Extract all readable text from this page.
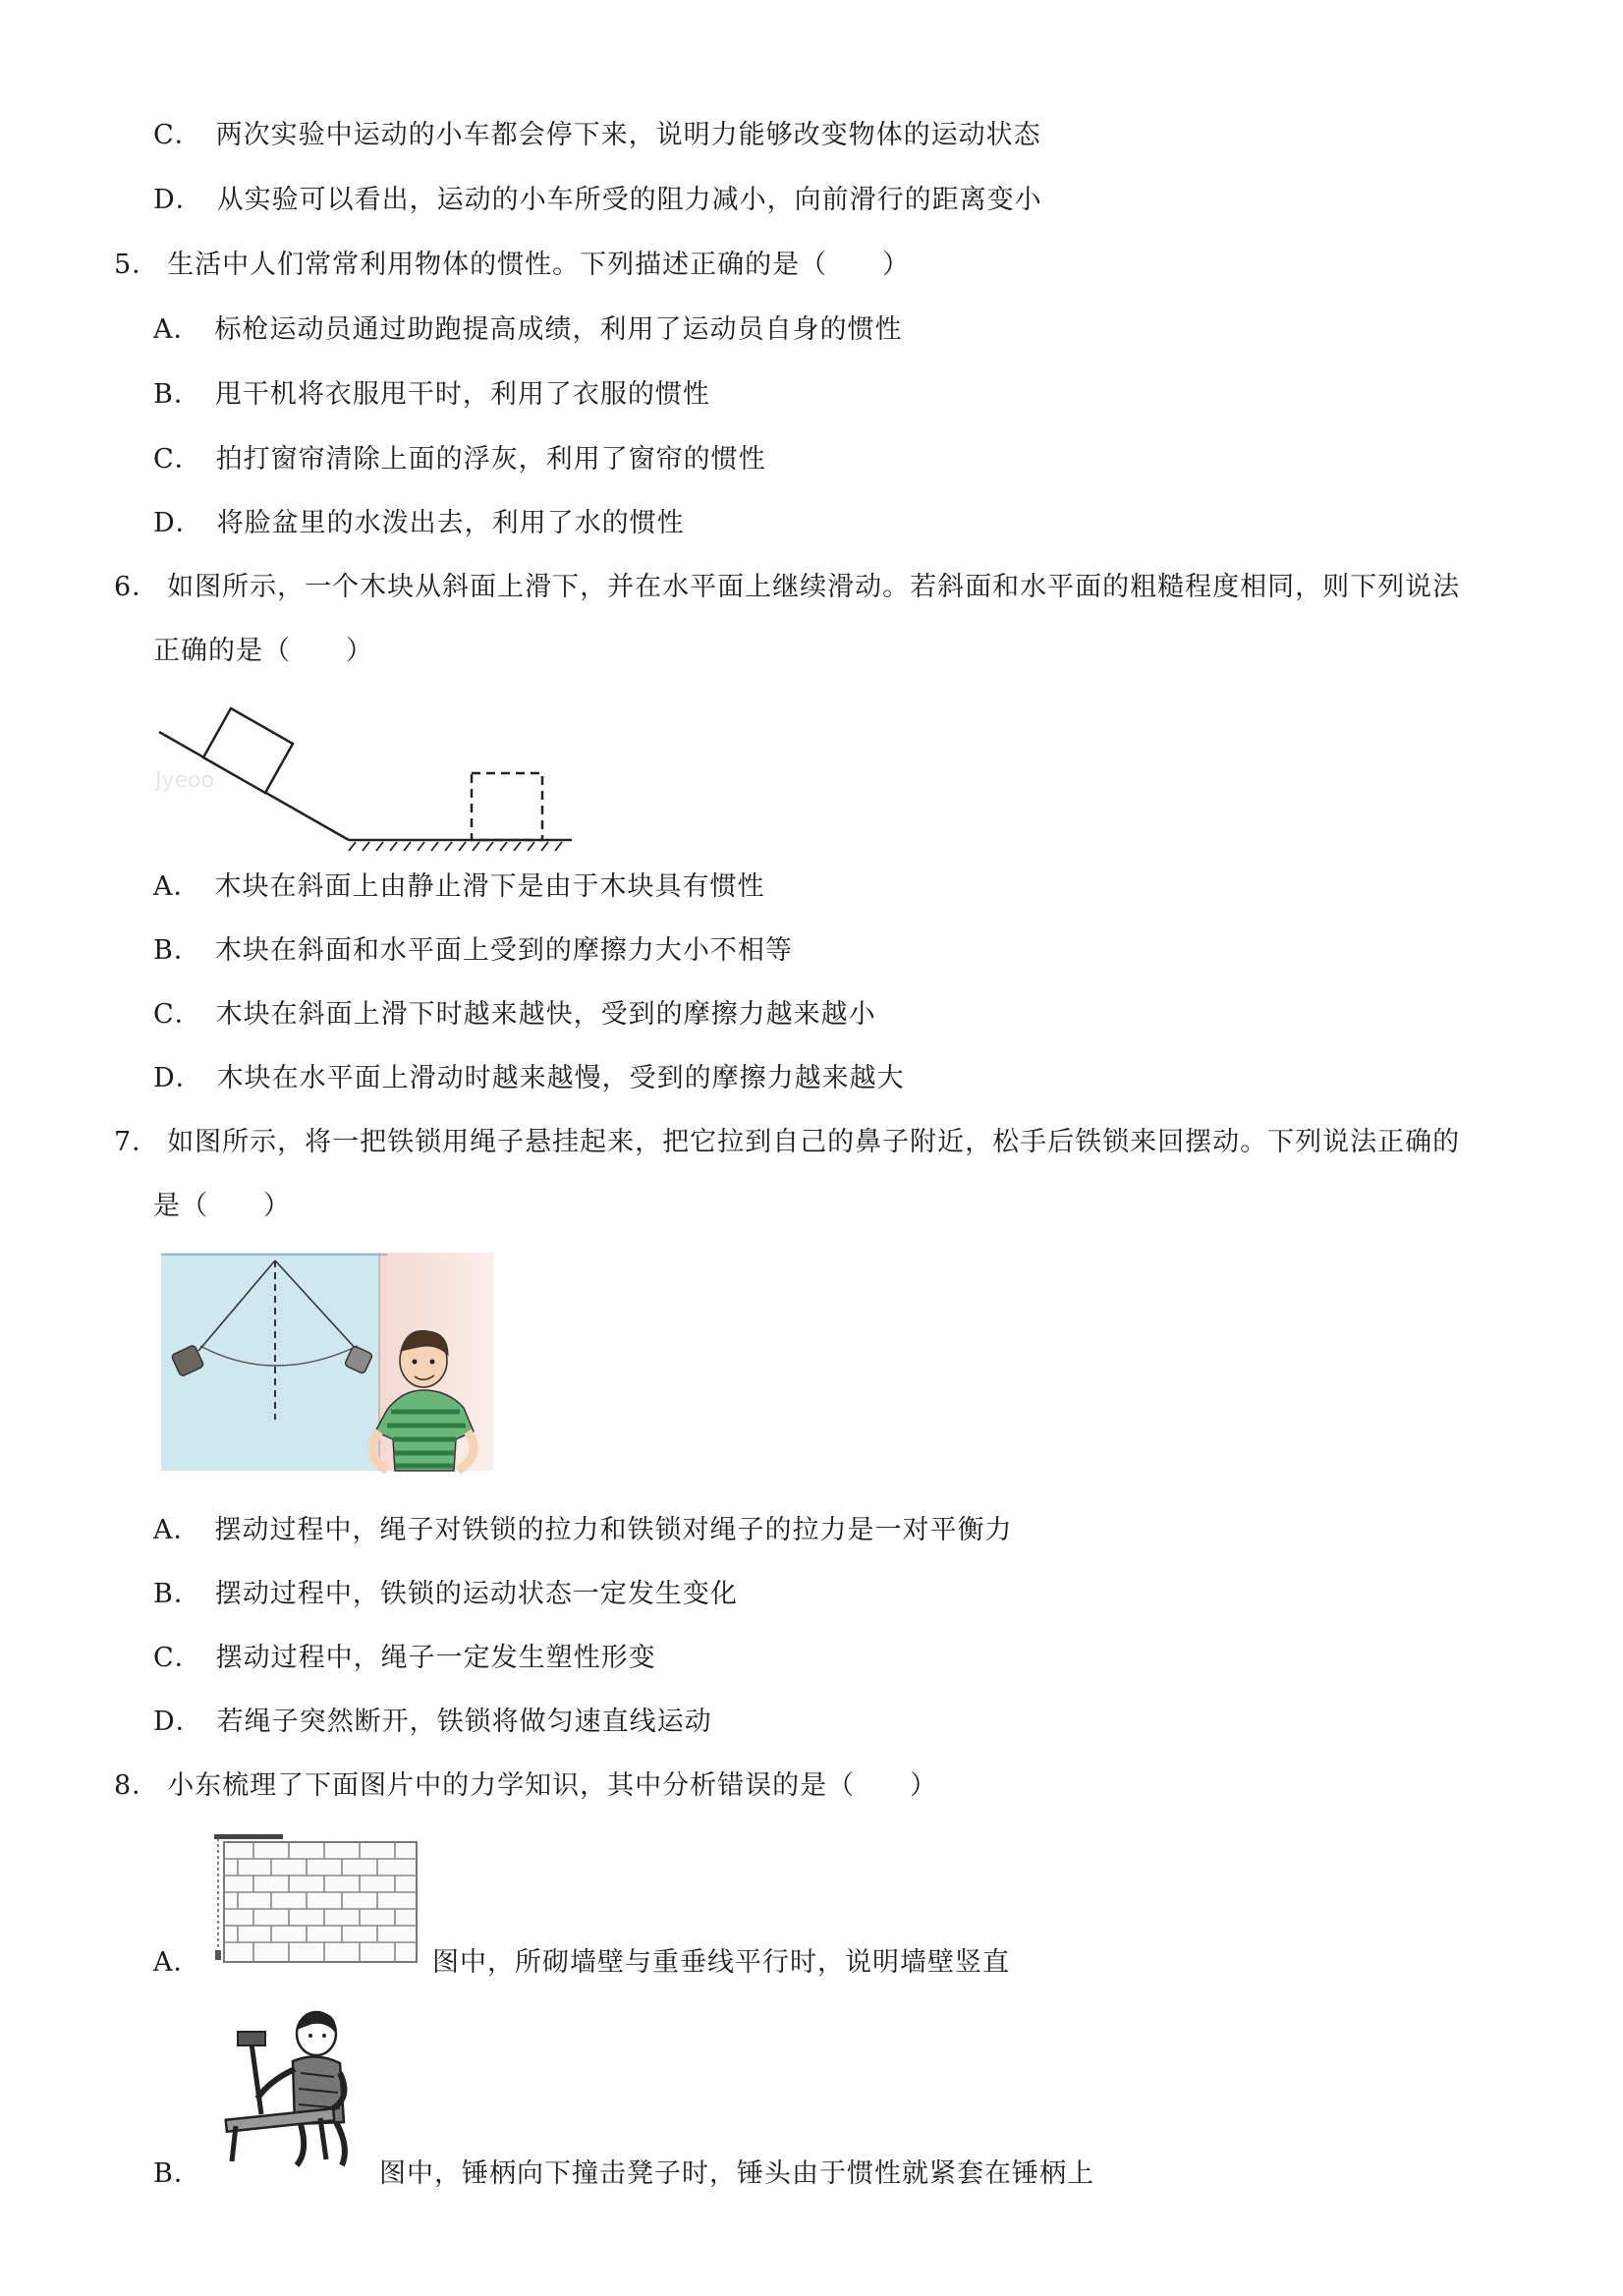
C． 两次实验中运动的小车都会停下来，说明力能够改变物体的运动状态
D． 从实验可以看出，运动的小车所受的阻力减小，向前滑行的距离变小
5． 生活中人们常常利用物体的惯性。下列描述正确的是（　　）
A． 标枪运动员通过助跑提高成绩，利用了运动员自身的惯性
B． 甩干机将衣服甩干时，利用了衣服的惯性
C． 拍打窗帘清除上面的浮灰，利用了窗帘的惯性
D． 将脸盆里的水泼出去，利用了水的惯性
6． 如图所示，一个木块从斜面上滑下，并在水平面上继续滑动。若斜面和水平面的粗糙程度相同，则下列说法
正确的是（　　）
Jyeoo
A． 木块在斜面上由静止滑下是由于木块具有惯性
B． 木块在斜面和水平面上受到的摩擦力大小不相等
C． 木块在斜面上滑下时越来越快，受到的摩擦力越来越小
D． 木块在水平面上滑动时越来越慢，受到的摩擦力越来越大
7． 如图所示，将一把铁锁用绳子悬挂起来，把它拉到自己的鼻子附近，松手后铁锁来回摆动。下列说法正确的
是（　　）
A． 摆动过程中，绳子对铁锁的拉力和铁锁对绳子的拉力是一对平衡力
B． 摆动过程中，铁锁的运动状态一定发生变化
C． 摆动过程中，绳子一定发生塑性形变
D． 若绳子突然断开，铁锁将做匀速直线运动
8． 小东梳理了下面图片中的力学知识，其中分析错误的是（　　）
A．	图中，所砌墙壁与重垂线平行时，说明墙壁竖直
B．	图中，锤柄向下撞击凳子时，锤头由于惯性就紧套在锤柄上
